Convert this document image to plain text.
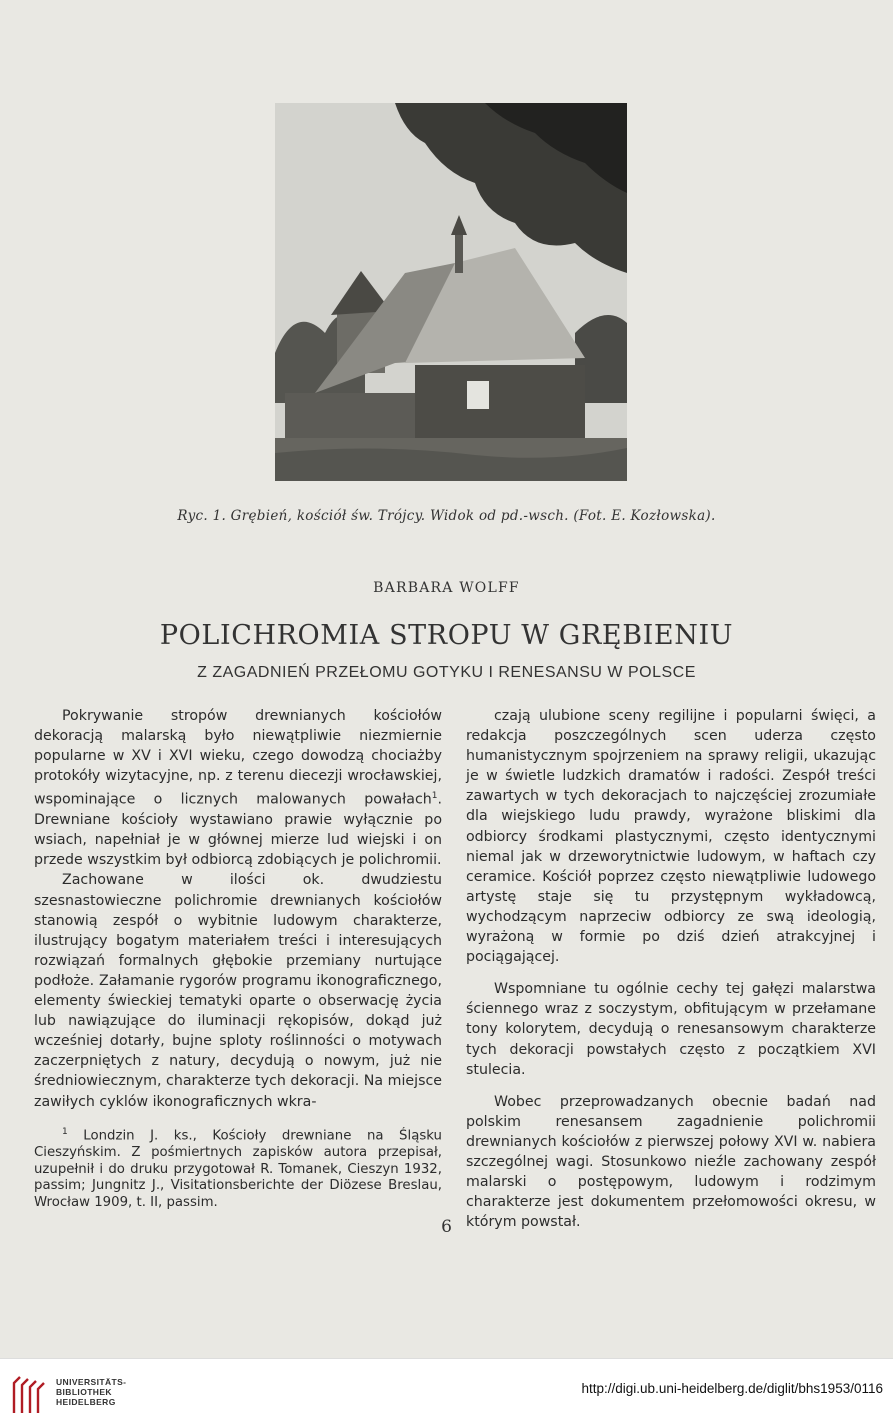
Ryc. 1. Grębień, kościół św. Trójcy. Widok od pd.-wsch. (Fot. E. Kozłowska).
BARBARA WOLFF
POLICHROMIA STROPU W GRĘBIENIU
Z ZAGADNIEŃ PRZEŁOMU GOTYKU I RENESANSU W POLSCE

Pokrywanie stropów drewnianych kościołów dekoracją malarską było niewątpliwie niezmiernie popularne w XV i XVI wieku, czego dowodzą chociażby protokóły wizytacyjne, np. z terenu diecezji wrocławskiej, wspominające o licznych malowanych powałach$^1$. Drewniane kościoły wystawiano prawie wyłącznie po wsiach, napełniał je w głównej mierze lud wiejski i on przede wszystkim był odbiorcą zdobiących je polichromii.

Zachowane w ilości ok. dwudziestu szesnastowieczne polichromie drewnianych kościołów stanowią zespół o wybitnie ludowym charakterze, ilustrujący bogatym materiałem treści i interesujących rozwiązań formalnych głębokie przemiany nurtujące podłoże. Załamanie rygorów programu ikonograficznego, elementy świeckiej tematyki oparte o obserwację życia lub nawiązujące do iluminacji rękopisów, dokąd już wcześniej dotarły, bujne sploty roślinności o motywach zaczerpniętych z natury, decydują o nowym, już nie średniowiecznym, charakterze tych dekoracji. Na miejsce zawiłych cyklów ikonograficznych wkra-

$^1$ Londzin J. ks., Kościoły drewniane na Śląsku Cieszyńskim. Z pośmiertnych zapisków autora przepisał, uzupełnił i do druku przygotował R. Tomanek, Cieszyn 1932, passim; Jungnitz J., Visitationsberichte der Diözese Breslau, Wrocław 1909, t. II, passim.

czają ulubione sceny regilijne i popularni święci, a redakcja poszczególnych scen uderza często humanistycznym spojrzeniem na sprawy religii, ukazując je w świetle ludzkich dramatów i radości. Zespół treści zawartych w tych dekoracjach to najczęściej zrozumiałe dla wiejskiego ludu prawdy, wyrażone bliskimi dla odbiorcy środkami plastycznymi, często identycznymi niemal jak w drzeworytnictwie ludowym, w haftach czy ceramice. Kościół poprzez często niewątpliwie ludowego artystę staje się tu przystępnym wykładowcą, wychodzącym naprzeciw odbiorcy ze swą ideologią, wyrażoną w formie po dziś dzień atrakcyjnej i pociągającej.

Wspomniane tu ogólnie cechy tej gałęzi malarstwa ściennego wraz z soczystym, obfitującym w przełamane tony kolorytem, decydują o renesansowym charakterze tych dekoracji powstałych często z początkiem XVI stulecia.

Wobec przeprowadzanych obecnie badań nad polskim renesansem zagadnienie polichromii drewnianych kościołów z pierwszej połowy XVI w. nabiera szczególnej wagi. Stosunkowo nieźle zachowany zespół malarski o postępowym, ludowym i rodzimym charakterze jest dokumentem przełomowości okresu, w którym powstał.

6
UNIVERSITÄTS-
BIBLIOTHEK
HEIDELBERG
http://digi.ub.uni-heidelberg.de/diglit/bhs1953/0116
